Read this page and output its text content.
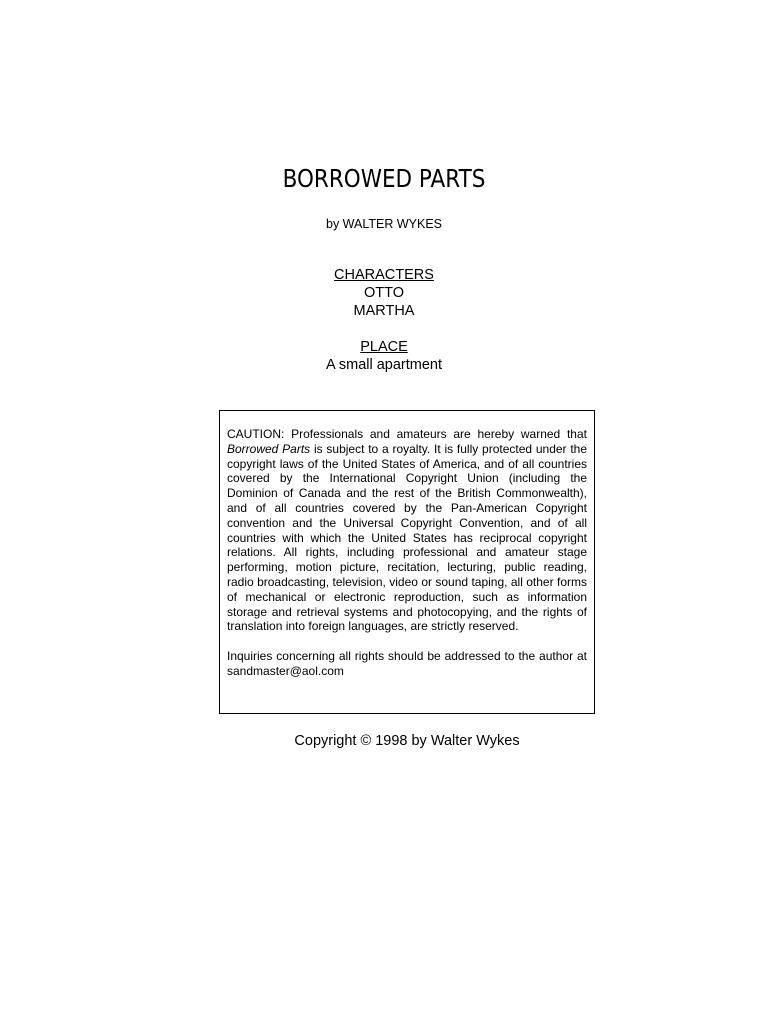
BORROWED PARTS
by WALTER WYKES
CHARACTERS
OTTO
MARTHA
PLACE
A small apartment

CAUTION: Professionals and amateurs are hereby warned that Borrowed Parts is subject to a royalty. It is fully protected under the copyright laws of the United States of America, and of all countries covered by the International Copyright Union (including the Dominion of Canada and the rest of the British Commonwealth), and of all countries covered by the Pan-American Copyright convention and the Universal Copyright Convention, and of all countries with which the United States has reciprocal copyright relations. All rights, including professional and amateur stage performing, motion picture, recitation, lecturing, public reading, radio broadcasting, television, video or sound taping, all other forms of mechanical or electronic reproduction, such as information storage and retrieval systems and photocopying, and the rights of translation into foreign languages, are strictly reserved.

Inquiries concerning all rights should be addressed to the author at sandmaster@aol.com

Copyright © 1998 by Walter Wykes
